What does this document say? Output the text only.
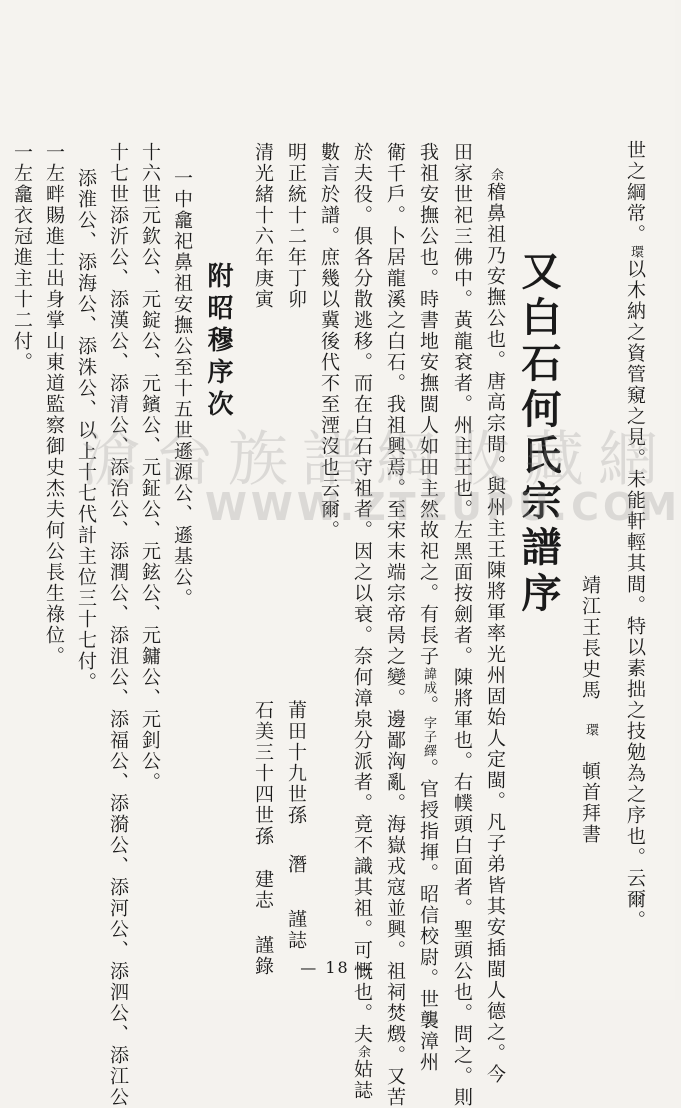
世之綱常。環以木納之資管窺之見。未能軒輕其間。特以素拙之技勉為之序也。云爾。
靖江王長史馬環頓首拜書
又白石何氏宗譜序
余稽鼻祖乃安撫公也。唐高宗間。與州主王陳將軍率光州固始人定閩。凡子弟皆其安插閩人德之。今
田家世祀三佛中。黃龍袞者。州主王也。左黑面按劍者。陳將軍也。右幞頭白面者。聖頭公也。問之。則
我祖安撫公也。時書地安撫閩人如田主然故祀之。有長子諱成。字子繹。官授指揮。昭信校尉。世襲漳州
衛千戶。卜居龍溪之白石。我祖興焉。至宋末端宗帝昺之變。邊鄙洶亂。海嶽戎寇並興。祖祠焚燬。又苦
於夫役。俱各分散逃移。而在白石守祖者。因之以衰。奈何漳泉分派者。竟不識其祖。可慨也。夫余姑誌
數言於譜。庶幾以冀後代不至湮沒也云爾。
明正統十二年丁卯
清光緒十六年庚寅
莆田十九世孫潛謹誌
石美三十四世孫建志謹錄
附昭穆序次
一中龕祀鼻祖安撫公至十五世遜源公、遜基公。
十六世元欽公、元錠公、元鑌公、元鉦公、元鉉公、元鏞公、元釗公。
十七世添沂公、添漢公、添清公、添治公、添潤公、添沮公、添福公、添漪公、添河公、添泗公、添江公
添淮公、添海公、添洙公、以上十七代計主位三十七付。
一左畔賜進士出身掌山東道監察御史杰夫何公長生祿位。
一左龕衣冠進主十二付。
滄台族譜網收藏網
WWW.ZTZUPU.COM
— 18 —
